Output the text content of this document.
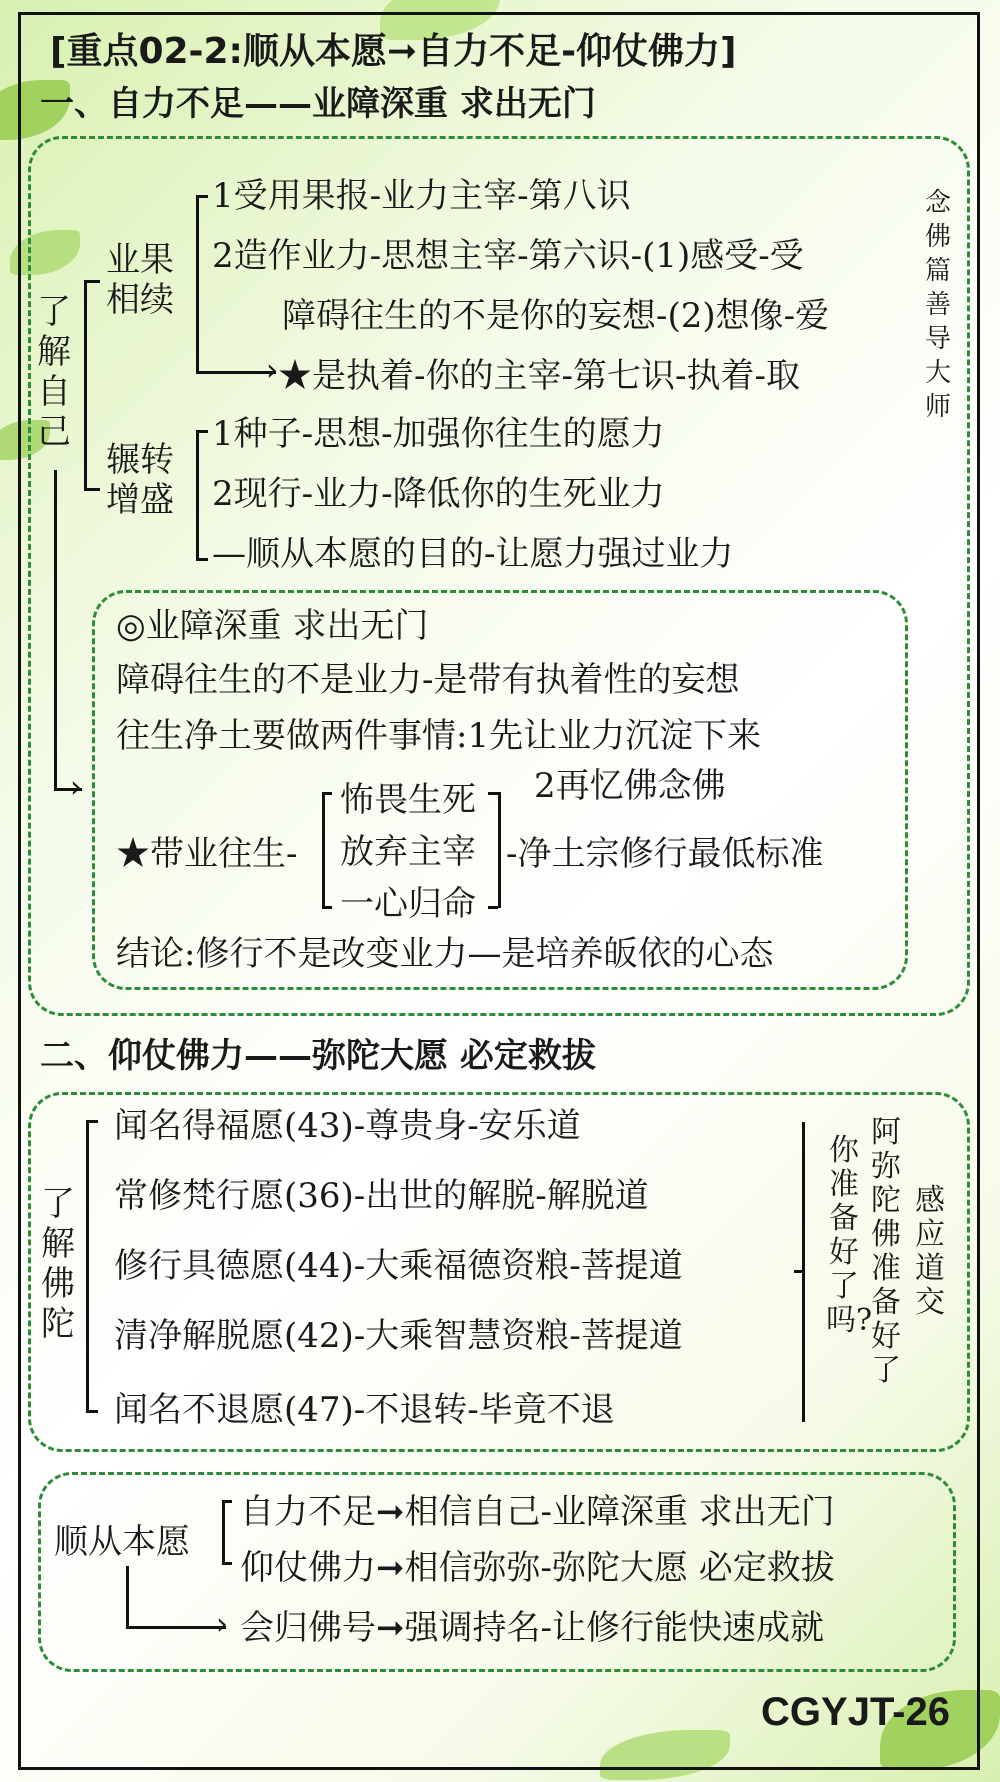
[重点02-2:顺从本愿➞自力不足-仰仗佛力]
一、自力不足——业障深重 求出无门
了解自己
业果相续
辗转增盛
›
›
1受用果报-业力主宰-第八识
2造作业力-思想主宰-第六识-(1)感受-受
障碍往生的不是你的妄想-(2)想像-爱
★是执着-你的主宰-第七识-执着-取
1种子-思想-加强你往生的愿力
2现行-业力-降低你的生死业力
—顺从本愿的目的-让愿力强过业力
念佛篇 善导大师
◎业障深重 求出无门
障碍往生的不是业力-是带有执着性的妄想
往生净土要做两件事情:1先让业力沉淀下来
2再忆佛念佛
★带业往生-
怖畏生死
放弃主宰
一心归命
-净土宗修行最低标准
结论:修行不是改变业力—是培养皈依的心态
二、仰仗佛力——弥陀大愿 必定救拔
了解佛陀
闻名得福愿(43)-尊贵身-安乐道
常修梵行愿(36)-出世的解脱-解脱道
修行具德愿(44)-大乘福德资粮-菩提道
清净解脱愿(42)-大乘智慧资粮-菩提道
闻名不退愿(47)-不退转-毕竟不退
你准备好了吗?
阿弥陀佛准备好了
感应道交
顺从本愿
›
自力不足➞相信自己-业障深重 求出无门
仰仗佛力➞相信弥弥-弥陀大愿 必定救拔
会归佛号➞强调持名-让修行能快速成就
CGYJT-26
